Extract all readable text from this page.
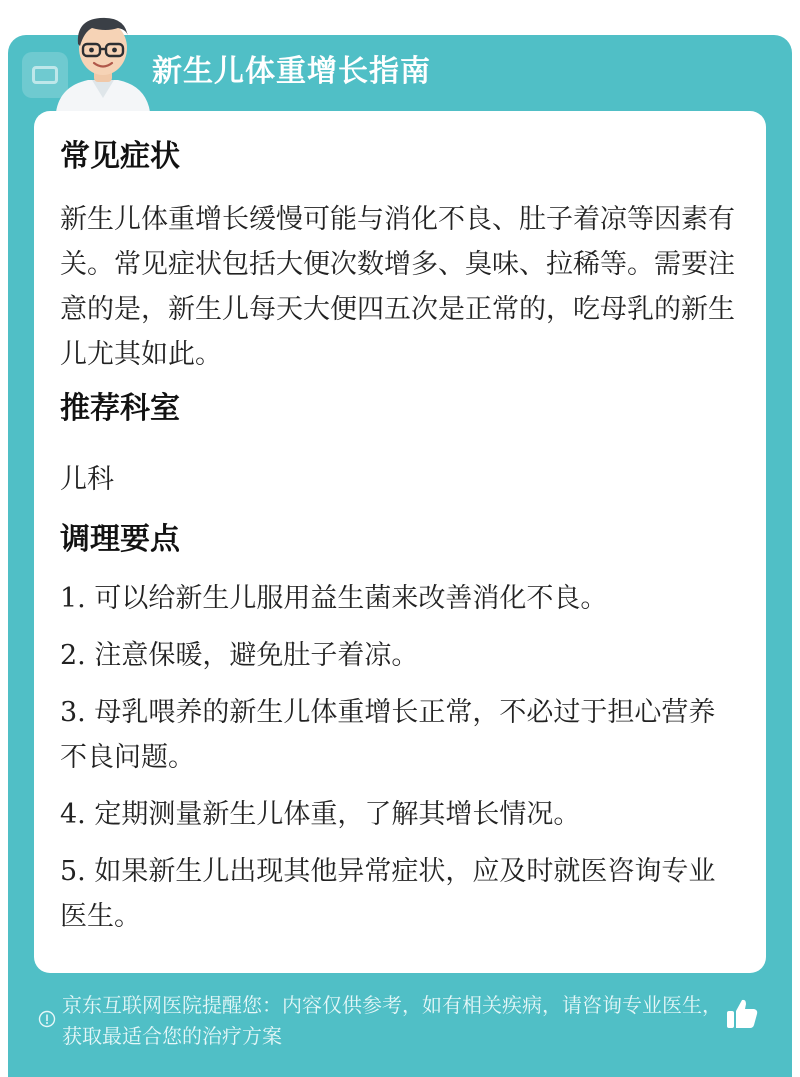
新生儿体重增长指南
常见症状

新生儿体重增长缓慢可能与消化不良、肚子着凉等因素有关。常见症状包括大便次数增多、臭味、拉稀等。需要注意的是，新生儿每天大便四五次是正常的，吃母乳的新生儿尤其如此。

推荐科室

儿科

调理要点
1. 可以给新生儿服用益生菌来改善消化不良。
2. 注意保暖，避免肚子着凉。
3. 母乳喂养的新生儿体重增长正常，不必过于担心营养不良问题。
4. 定期测量新生儿体重，了解其增长情况。
5. 如果新生儿出现其他异常症状，应及时就医咨询专业医生。
京东互联网医院提醒您：内容仅供参考，如有相关疾病，请咨询专业医生，获取最适合您的治疗方案
